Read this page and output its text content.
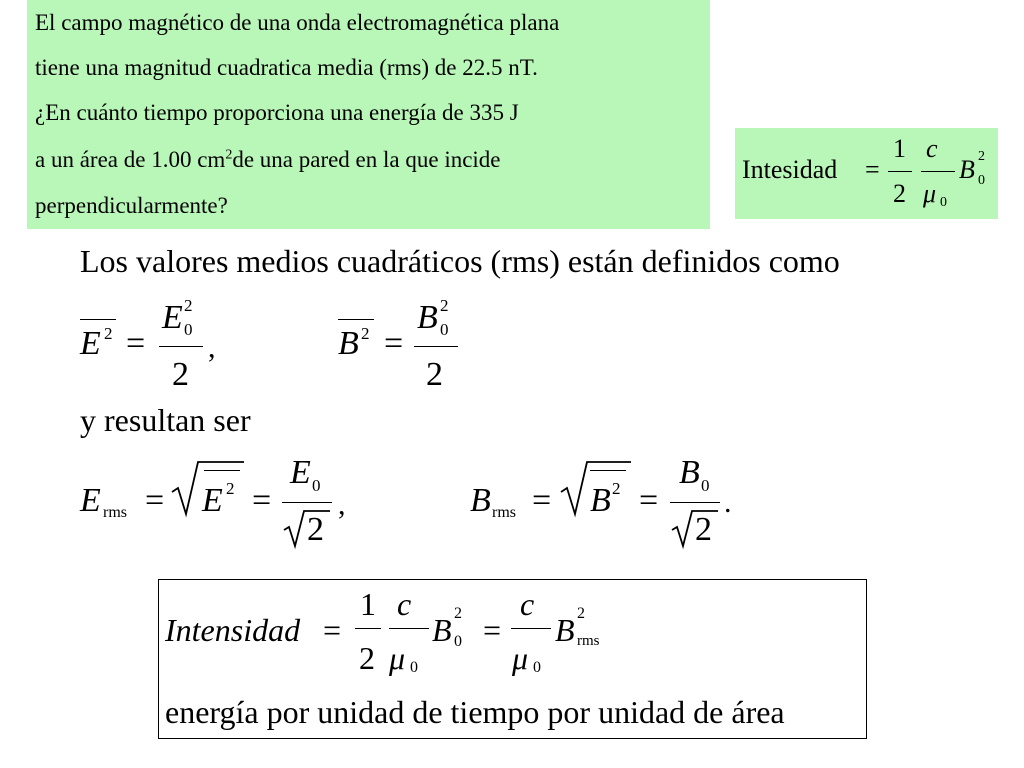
El campo magnético de una onda electromagnética plana
tiene una magnitud cuadratica media (rms) de 22.5 nT.
¿En cuánto tiempo proporciona una energía de 335 J
a un área de 1.00 $cm^2de$ una pared en la que incide
perpendicularmente?
Intesidad =
1
2
c
μ 0
B 2
0
Los valores medios cuadráticos (rms) están definidos como
E 2 =
E 2
0
2
,	B 2 =
B 2
0
2
y resultan ser
E rms = E 2 =
E 0
2
,	B rms = B 2 =
B 0
2
.
Intensidad =
1
2
c
μ 0
B 2
0 =
c
μ 0
B 2
rms
energía por unidad de tiempo por unidad de área
